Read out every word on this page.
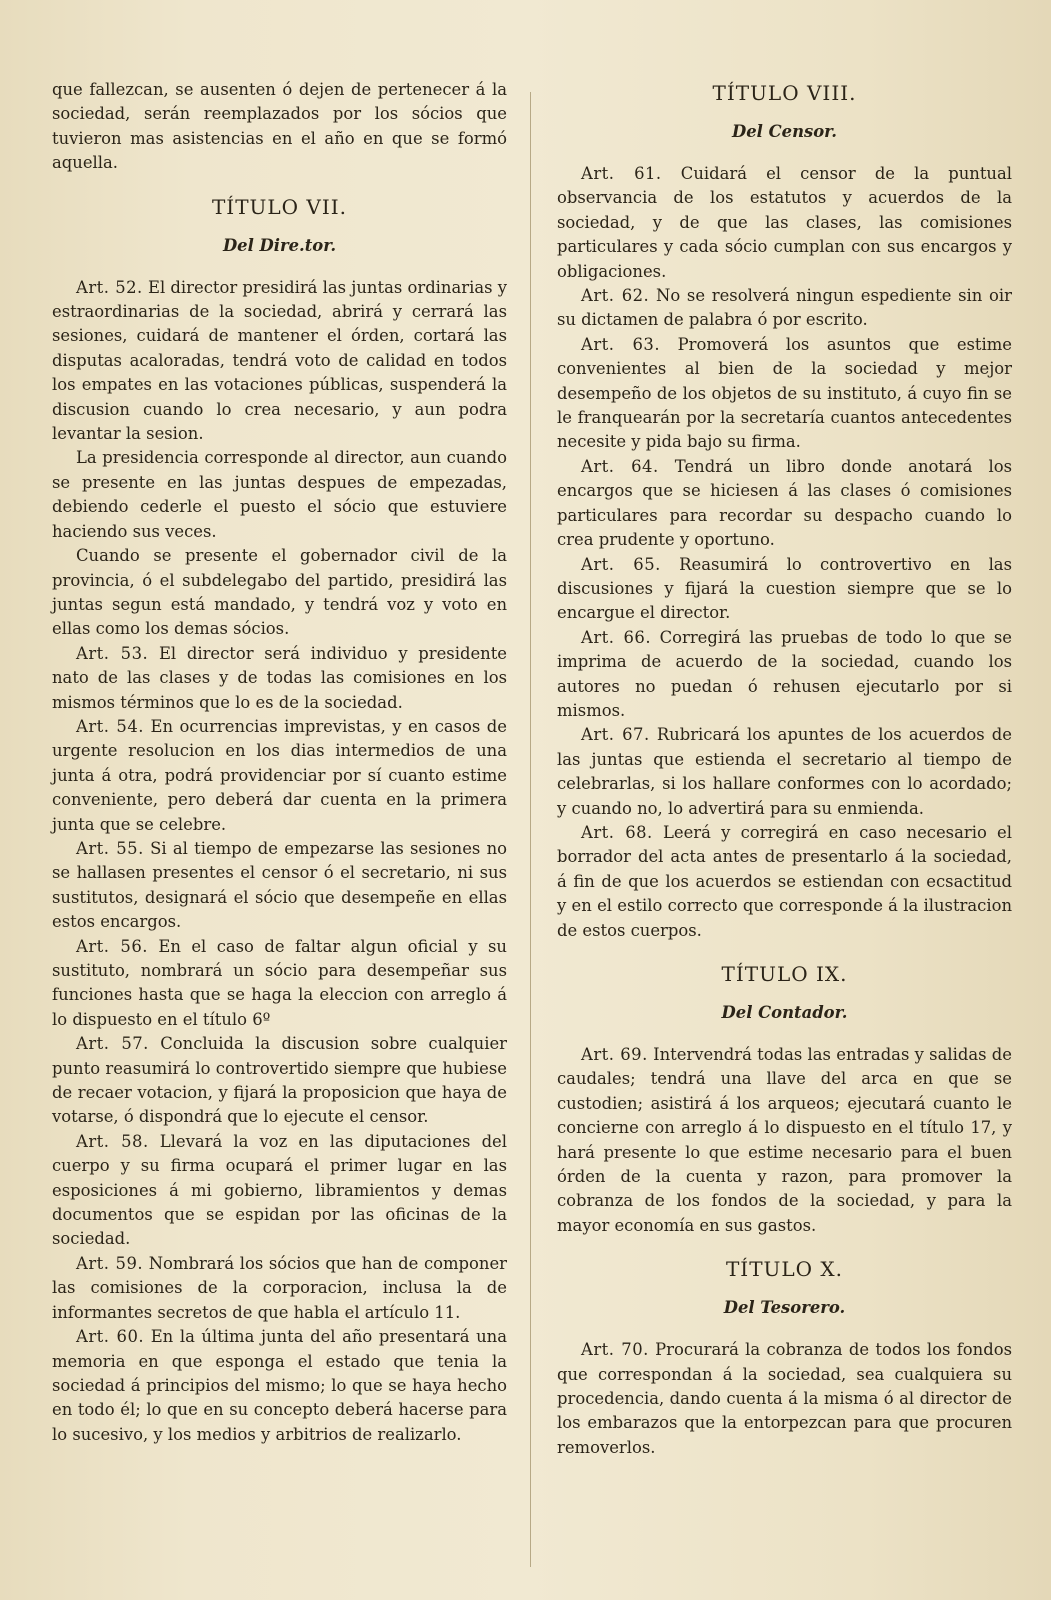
que fallezcan, se ausenten ó dejen de pertenecer á la sociedad, serán reemplazados por los sócios que tuvieron mas asistencias en el año en que se formó aquella.

TÍTULO VII.
Del Dire.tor.

Art. 52. El director presidirá las juntas ordinarias y estraordinarias de la sociedad, abrirá y cerrará las sesiones, cuidará de mantener el órden, cortará las disputas acaloradas, tendrá voto de calidad en todos los empates en las votaciones públicas, suspenderá la discusion cuando lo crea necesario, y aun podra levantar la sesion.

La presidencia corresponde al director, aun cuando se presente en las juntas despues de empezadas, debiendo cederle el puesto el sócio que estuviere haciendo sus veces.

Cuando se presente el gobernador civil de la provincia, ó el subdelegabo del partido, presidirá las juntas segun está mandado, y tendrá voz y voto en ellas como los demas sócios.

Art. 53. El director será individuo y presidente nato de las clases y de todas las comisiones en los mismos términos que lo es de la sociedad.

Art. 54. En ocurrencias imprevistas, y en casos de urgente resolucion en los dias intermedios de una junta á otra, podrá providenciar por sí cuanto estime conveniente, pero deberá dar cuenta en la primera junta que se celebre.

Art. 55. Si al tiempo de empezarse las sesiones no se hallasen presentes el censor ó el secretario, ni sus sustitutos, designará el sócio que desempeñe en ellas estos encargos.

Art. 56. En el caso de faltar algun oficial y su sustituto, nombrará un sócio para desempeñar sus funciones hasta que se haga la eleccion con arreglo á lo dispuesto en el título 6º

Art. 57. Concluida la discusion sobre cualquier punto reasumirá lo controvertido siempre que hubiese de recaer votacion, y fijará la proposicion que haya de votarse, ó dispondrá que lo ejecute el censor.

Art. 58. Llevará la voz en las diputaciones del cuerpo y su firma ocupará el primer lugar en las esposiciones á mi gobierno, libramientos y demas documentos que se espidan por las oficinas de la sociedad.

Art. 59. Nombrará los sócios que han de componer las comisiones de la corporacion, inclusa la de informantes secretos de que habla el artículo 11.

Art. 60. En la última junta del año presentará una memoria en que esponga el estado que tenia la sociedad á principios del mismo; lo que se haya hecho en todo él; lo que en su concepto deberá hacerse para lo sucesivo, y los medios y arbitrios de realizarlo.

TÍTULO VIII.
Del Censor.

Art. 61. Cuidará el censor de la puntual observancia de los estatutos y acuerdos de la sociedad, y de que las clases, las comisiones particulares y cada sócio cumplan con sus encargos y obligaciones.

Art. 62. No se resolverá ningun espediente sin oir su dictamen de palabra ó por escrito.

Art. 63. Promoverá los asuntos que estime convenientes al bien de la sociedad y mejor desempeño de los objetos de su instituto, á cuyo fin se le franquearán por la secretaría cuantos antecedentes necesite y pida bajo su firma.

Art. 64. Tendrá un libro donde anotará los encargos que se hiciesen á las clases ó comisiones particulares para recordar su despacho cuando lo crea prudente y oportuno.

Art. 65. Reasumirá lo controvertivo en las discusiones y fijará la cuestion siempre que se lo encargue el director.

Art. 66. Corregirá las pruebas de todo lo que se imprima de acuerdo de la sociedad, cuando los autores no puedan ó rehusen ejecutarlo por si mismos.

Art. 67. Rubricará los apuntes de los acuerdos de las juntas que estienda el secretario al tiempo de celebrarlas, si los hallare conformes con lo acordado; y cuando no, lo advertirá para su enmienda.

Art. 68. Leerá y corregirá en caso necesario el borrador del acta antes de presentarlo á la sociedad, á fin de que los acuerdos se estiendan con ecsactitud y en el estilo correcto que corresponde á la ilustracion de estos cuerpos.

TÍTULO IX.
Del Contador.

Art. 69. Intervendrá todas las entradas y salidas de caudales; tendrá una llave del arca en que se custodien; asistirá á los arqueos; ejecutará cuanto le concierne con arreglo á lo dispuesto en el título 17, y hará presente lo que estime necesario para el buen órden de la cuenta y razon, para promover la cobranza de los fondos de la sociedad, y para la mayor economía en sus gastos.

TÍTULO X.
Del Tesorero.

Art. 70. Procurará la cobranza de todos los fondos que correspondan á la sociedad, sea cualquiera su procedencia, dando cuenta á la misma ó al director de los embarazos que la entorpezcan para que procuren removerlos.
